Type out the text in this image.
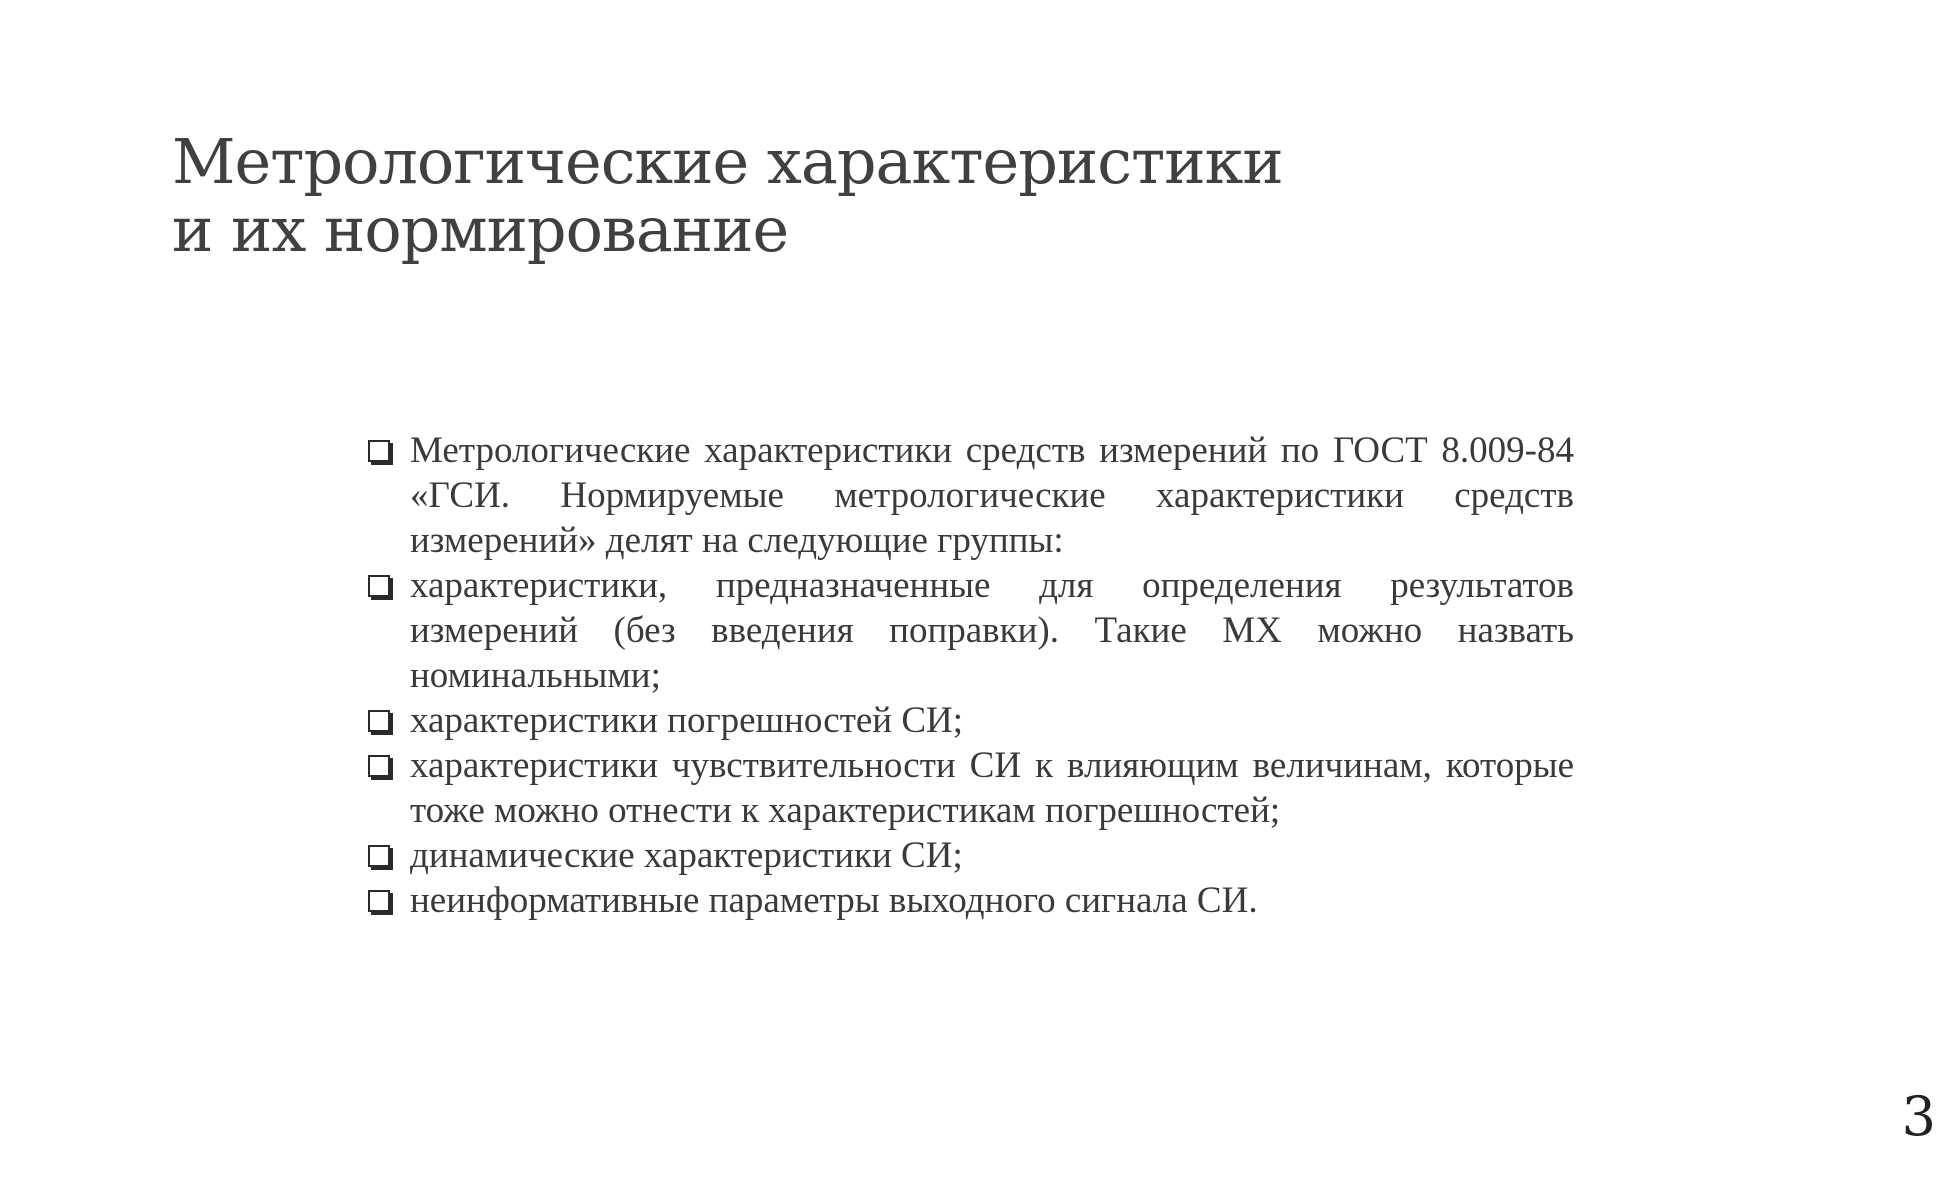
Метрологические характеристики
и их нормирование
Метрологические характеристики средств измерений по ГОСТ 8.009-84 «ГСИ. Нормируемые метрологические характеристики средств измерений» делят на следующие группы:
характеристики, предназначенные для определения результатов измерений (без введения поправки). Такие МХ можно назвать номинальными;
характеристики погрешностей СИ;
характеристики чувствительности СИ к влияющим величинам, которые тоже можно отнести к характеристикам погрешностей;
динамические характеристики СИ;
неинформативные параметры выходного сигнала СИ.
3
